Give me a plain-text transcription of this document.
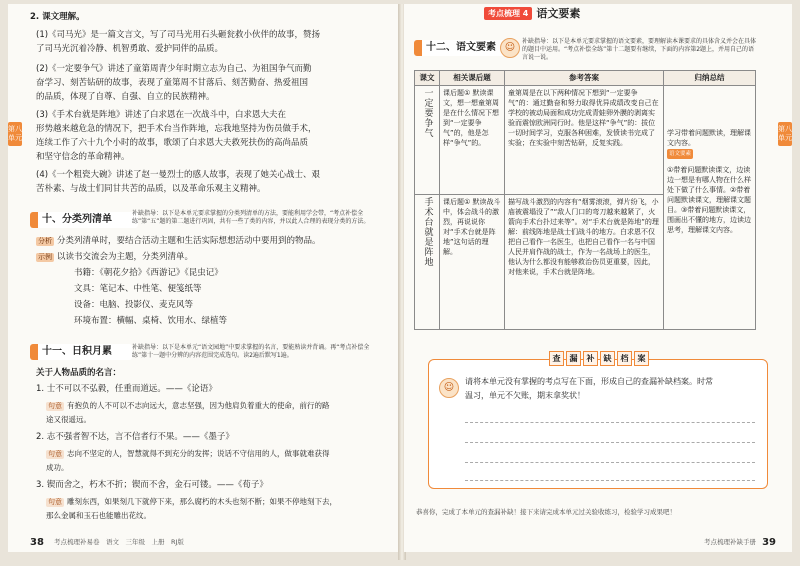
第八单元
2. 课文理解。
(1)《司马光》是一篇文言文，写了司马光用石头砸瓮救小伙伴的故事，赞扬
了司马光沉着冷静、机智勇敢、爱护同伴的品质。
(2)《一定要争气》讲述了童第周青少年时期立志为自己、为祖国争气而勤
奋学习、刻苦钻研的故事，表现了童第周不甘落后、刻苦勤奋、热爱祖国
的品质，体现了自尊、自强、自立的民族精神。
(3)《手术台就是阵地》讲述了白求恩在一次战斗中，白求恩大夫在
形势越来越危急的情况下，把手术台当作阵地，忘我地坚持为伤员做手术，
连续工作了六十九个小时的故事，歌颂了白求恩大夫救死扶伤的高尚品质
和坚守信念的革命精神。
(4)《一个粗瓷大碗》讲述了赵一曼烈士的感人故事，表现了她关心战士、艰
苦朴素、与战士们同甘共苦的品质，以及革命乐观主义精神。
十、分类列清单
补缺指导：以下是本单元要求掌握的分类列清单的方法，要能利用学会带，“考点补偿全练”第“五”题的第二题进行巩固，共有一些了类的内容，并以此人合理的表现分类的方法。
分析 分类列清单时，要结合活动主题和生活实际想想活动中要用到的物品。
示例 以读书交流会为主题，分类列清单。
书籍：《朝花夕拾》《西游记》《昆虫记》
文具：笔记本、中性笔、便笺纸等
设备：电脑、投影仪、麦克风等
环境布置：横幅、桌椅、饮用水、绿植等
十一、日积月累	补缺指导：以下是本单元“语文园地”中要求掌握的名言，要能熟读并背诵。再“考点补偿全练”第十一题中分辨的内容范围完成选句。读2遍后默写1遍。
关于人物品质的名言：
1. 士不可以不弘毅，任重而道远。——《论语》
句意 有抱负的人不可以不志向远大，意志坚强，因为他肩负着重大的使命，前行的路
途又很遥远。
2. 志不强者智不达，言不信者行不果。——《墨子》
句意 志向不坚定的人，智慧就得不到充分的发挥；说话不守信用的人，做事就难获得
成功。
3. 锲而舍之，朽木不折；锲而不舍，金石可镂。——《荀子》
句意 雕刻东西，如果刻几下就停下来，那么腐朽的木头也刻不断；如果不停地刻下去，
那么金属和玉石也能雕出花纹。
38 考点梳理补易卷　语文　三年级　上册　RJ版
第八单元
考点梳理 4 语文要素
十二、语文要素 ☺
补缺指导：以下是本单元要求掌握的语文要素，要理解读本课要求的具体含义并会在具体的题目中运用。“考点补偿全练”第十二题要有继续，下面的内容第2题上，并用自己的语言说一说。
课文	相关课后题	参考答案	归纳总结

一定要争气	课后题① 默读课文，想一想童第周是在什么情况下想到“一定要争气”的，他是怎样“争气”的。	童第周是在以下两种情况下想到“一定要争气”的：通过勤奋和努力取得优异成绩改变自己在学校的被动局面和成功完成青蛙卵外膜的剥离实验而震惊欧洲同行时。他是这样“争气”的：拔位一切时间学习，克服各种困难，发愤读书完成了实验；在实验中刻苦钻研，反复实践。	学习带着问题默读，理解课文内容。
语文要素
①带着问题默读课文，边读边一想是有哪人物在什么样处下做了什么事情。②带着问题默读课文，理解课文题目。③带着问题默读课文，围画出不懂的地方，边读边思考，理解课文内容。

手术台就是阵地	课后题① 默读战斗中，体会战斗的激烈，再说说你对“手术台就是阵地”这句话的理解。	描写战斗激烈的内容有“烟雾滚滚，弹片纷飞，小庙被震塌没了”“敌人门口的弯刀越来越紧了，火箭向手术台扑过来等”。对“手术台就是阵地”的理解：前线阵地是战士们战斗的地方。白求恩不仅把自己看作一名医生，也把自己看作一名与中国人民并肩作战的战士，作为一名战场上的医生，他认为什么都没有能够救治伤员更重要，因此，对他来说，手术台就是阵地。	
查	漏	补	缺	档	案
☺
请将本单元没有掌握的考点写在下面，形成自己的查漏补缺档案。时常
温习，单元不欠账，期末拿奖状！
恭喜你，完成了本单元的查漏补缺！接下来请完成本单元过关验收练习，检验学习成果吧！
考点梳理补缺手册 39
